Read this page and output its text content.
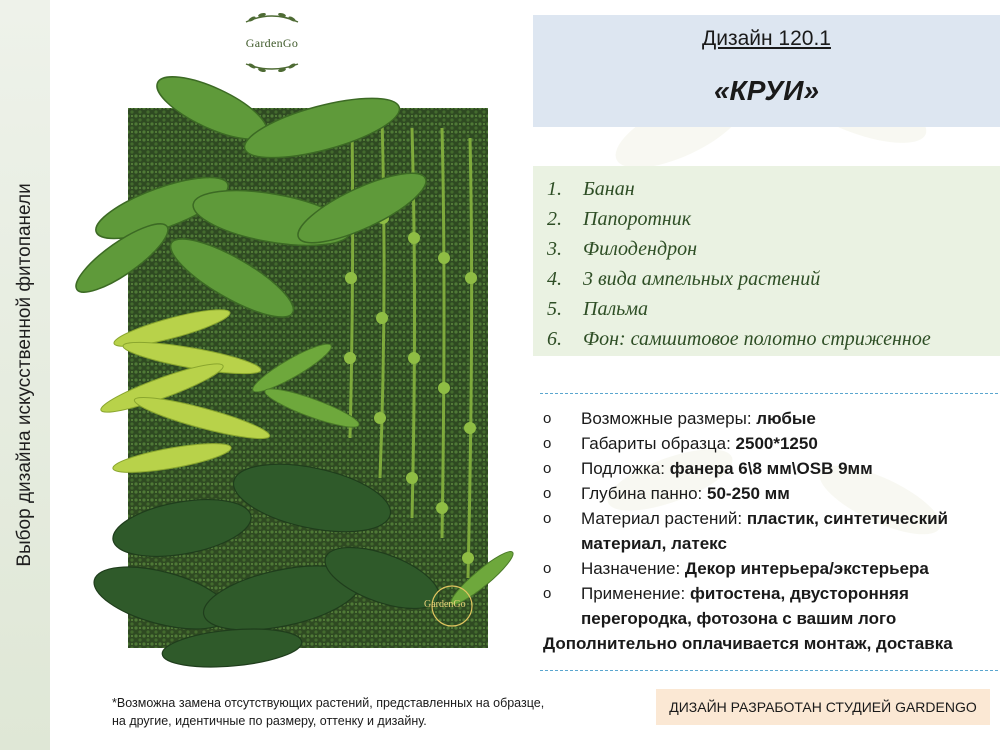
Выбор дизайна искусственной фитопанели
GardenGo
GardenGo
Дизайн 120.1
«КРУИ»
1. Банан
2. Папоротник
3. Филодендрон
4. 3 вида ампельных растений
5. Пальма
6. Фон: самшитовое полотно стриженное
o Возможные размеры: любые
o Габариты образца: 2500*1250
o Подложка: фанера 6\8 мм\OSB 9мм
o Глубина панно: 50-250 мм
o Материал растений: пластик, синтетический материал, латекс
o Назначение: Декор интерьера/экстерьера
o Применение: фитостена, двусторонняя перегородка, фотозона с вашим лого
Дополнительно оплачивается монтаж, доставка
*Возможна замена отсутствующих растений, представленных на образце, на другие, идентичные по размеру, оттенку и дизайну.
ДИЗАЙН РАЗРАБОТАН СТУДИЕЙ GARDENGO
